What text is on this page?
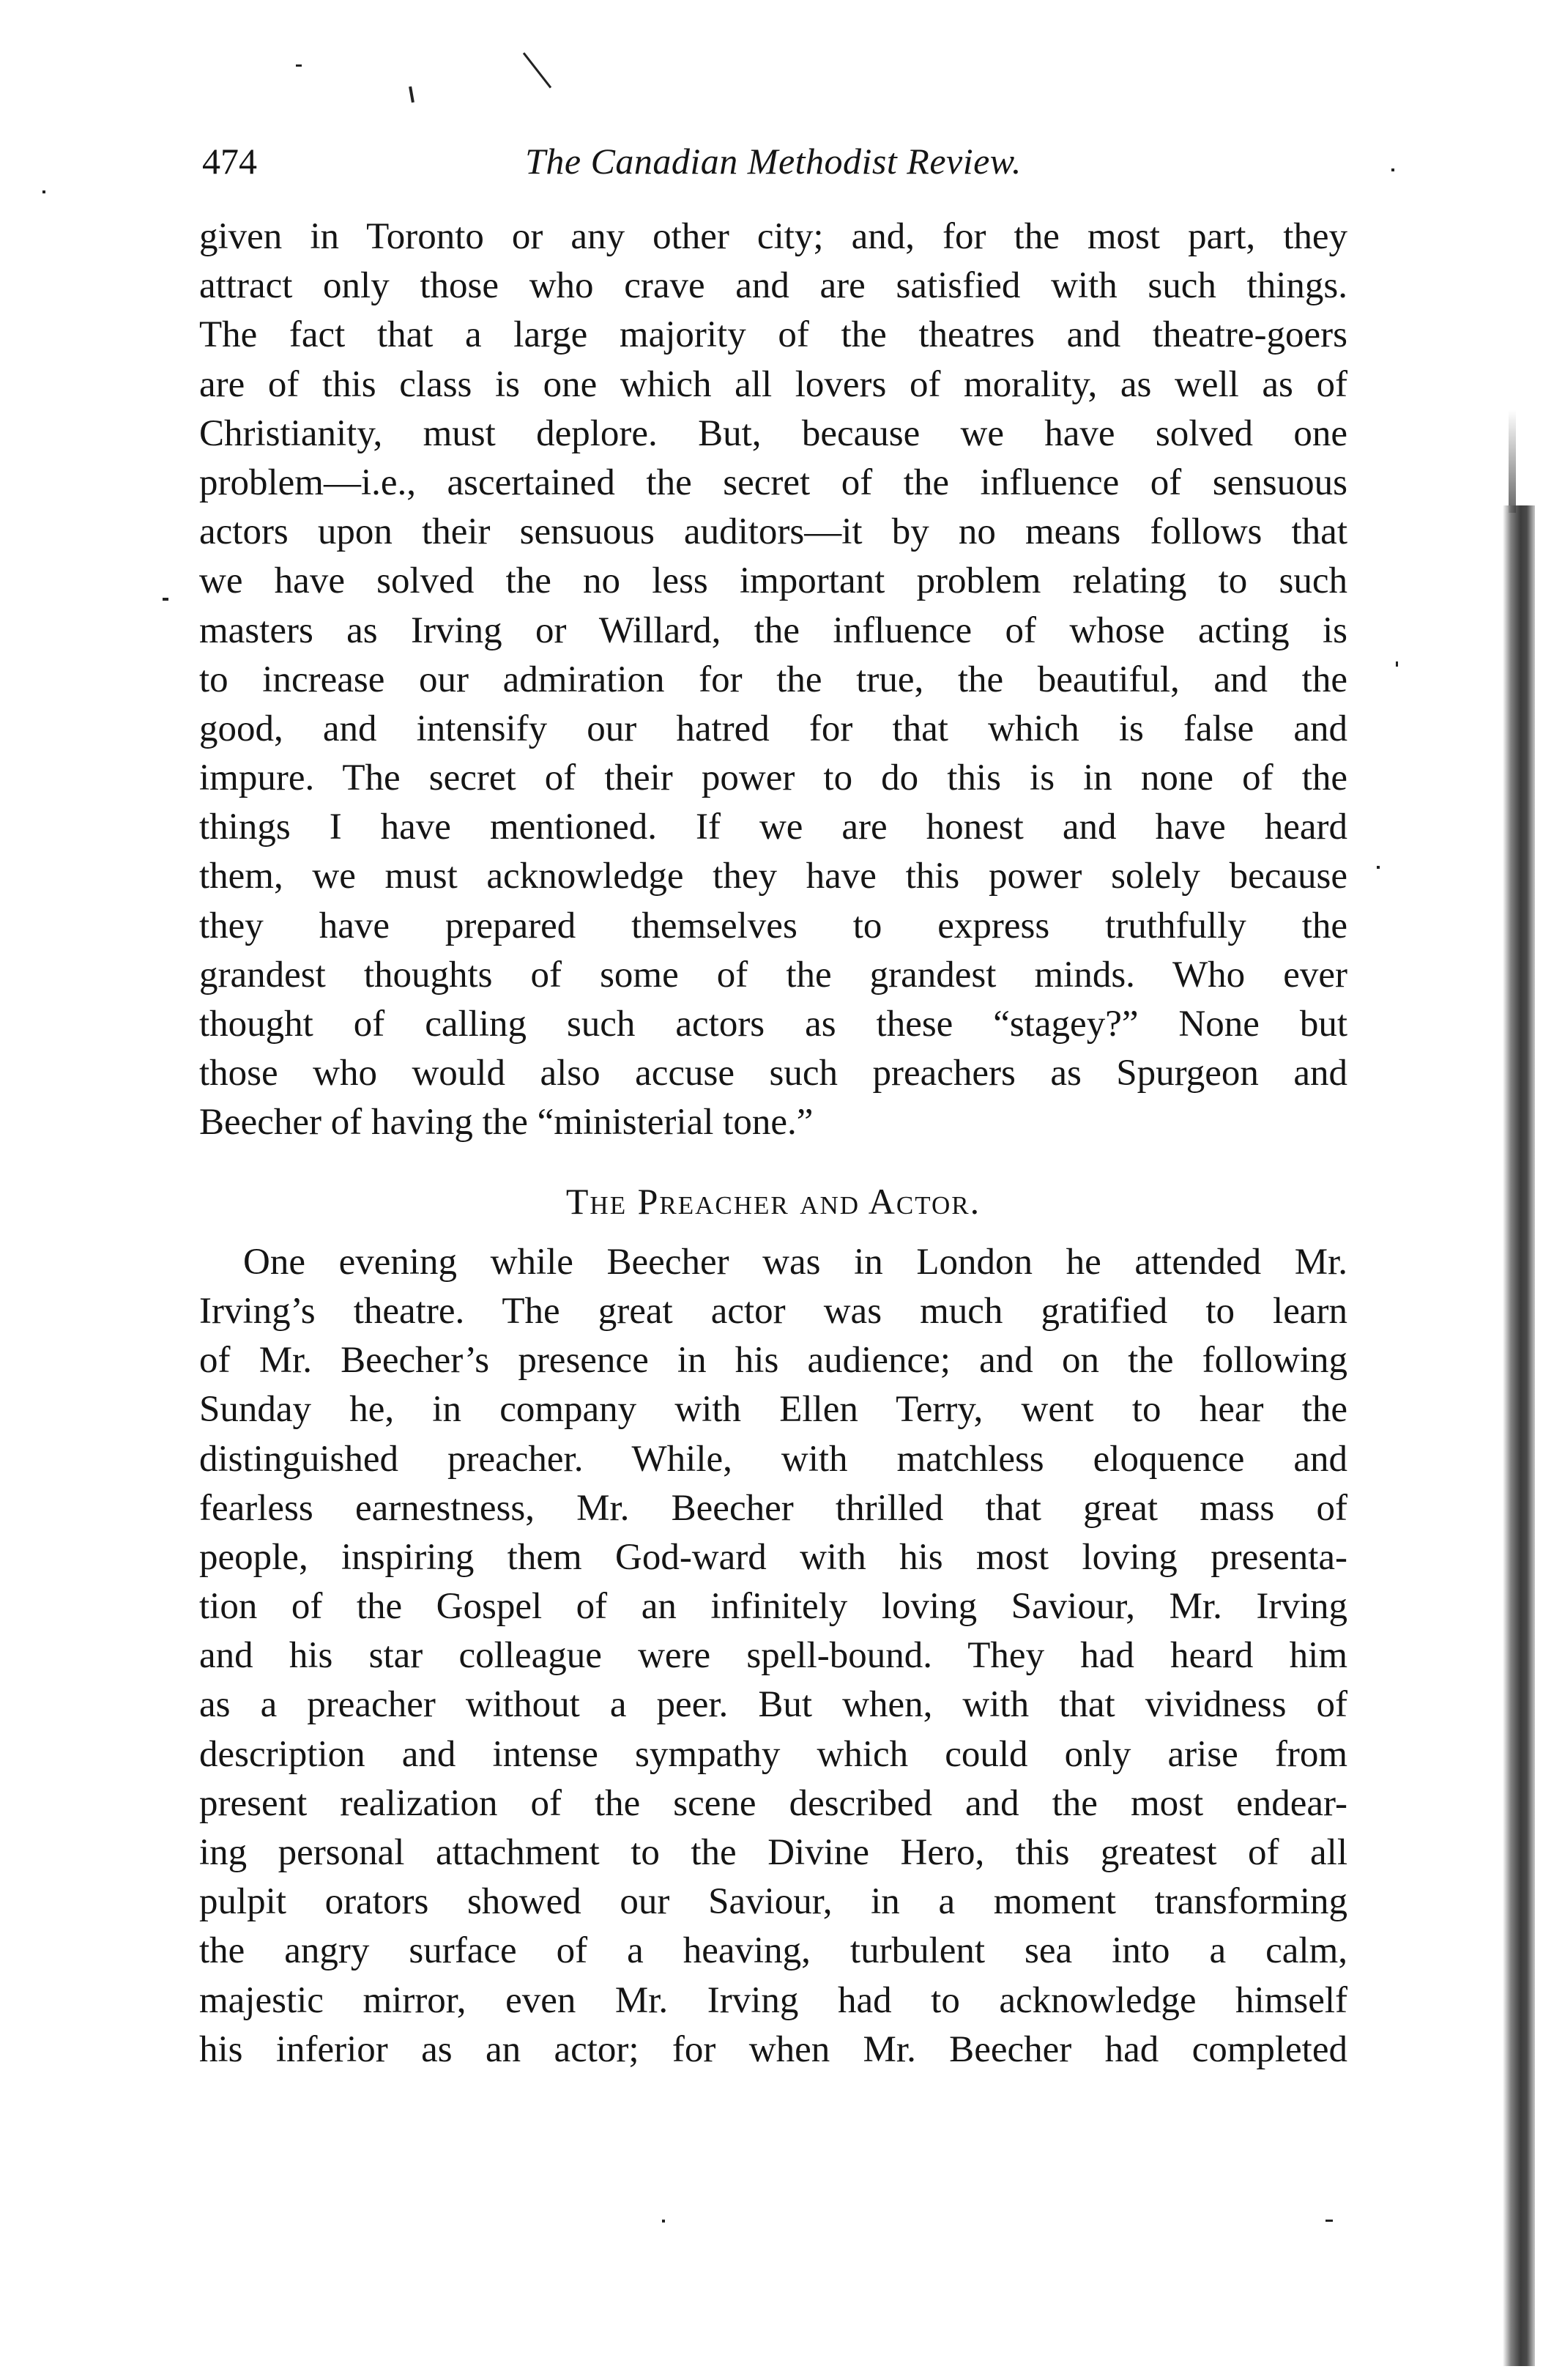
474	The Canadian Methodist Review.
given in Toronto or any other city; and, for the most part, they
attract only those who crave and are satisfied with such things.
The fact that a large majority of the theatres and theatre-goers
are of this class is one which all lovers of morality, as well as of
Christianity, must deplore. But, because we have solved one
problem—i.e., ascertained the secret of the influence of sensuous
actors upon their sensuous auditors—it by no means follows that
we have solved the no less important problem relating to such
masters as Irving or Willard, the influence of whose acting is
to increase our admiration for the true, the beautiful, and the
good, and intensify our hatred for that which is false and
impure. The secret of their power to do this is in none of the
things I have mentioned. If we are honest and have heard
them, we must acknowledge they have this power solely because
they have prepared themselves to express truthfully the
grandest thoughts of some of the grandest minds. Who ever
thought of calling such actors as these “stagey?” None but
those who would also accuse such preachers as Spurgeon and
Beecher of having the “ministerial tone.”
The Preacher and Actor.
One evening while Beecher was in London he attended Mr.
Irving’s theatre. The great actor was much gratified to learn
of Mr. Beecher’s presence in his audience; and on the following
Sunday he, in company with Ellen Terry, went to hear the
distinguished preacher. While, with matchless eloquence and
fearless earnestness, Mr. Beecher thrilled that great mass of
people, inspiring them God-ward with his most loving presenta-
tion of the Gospel of an infinitely loving Saviour, Mr. Irving
and his star colleague were spell-bound. They had heard him
as a preacher without a peer. But when, with that vividness of
description and intense sympathy which could only arise from
present realization of the scene described and the most endear-
ing personal attachment to the Divine Hero, this greatest of all
pulpit orators showed our Saviour, in a moment transforming
the angry surface of a heaving, turbulent sea into a calm,
majestic mirror, even Mr. Irving had to acknowledge himself
his inferior as an actor; for when Mr. Beecher had completed
